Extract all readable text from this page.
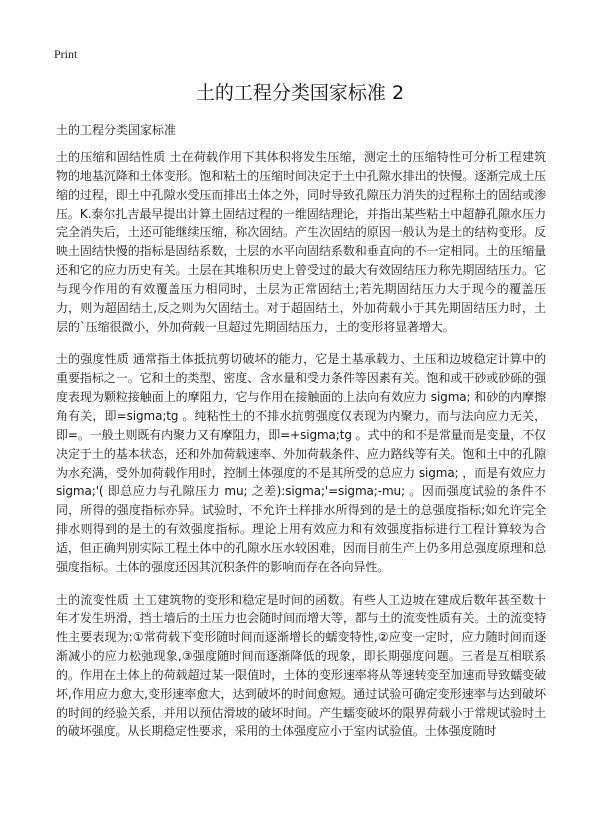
Print
土的工程分类国家标准 2

土的工程分类国家标准

土的压缩和固结性质 土在荷载作用下其体积将发生压缩，测定土的压缩特性可分析工程建筑物的地基沉降和土体变形。饱和粘土的压缩时间决定于土中孔隙水排出的快慢。逐渐完成土压缩的过程，即土中孔隙水受压而排出土体之外，同时导致孔隙压力消失的过程称土的固结或渗压。K.泰尔扎吉最早提出计算土固结过程的一维固结理论，并指出某些粘土中超静孔隙水压力完全消失后，土还可能继续压缩，称次固结。产生次固结的原因一般认为是土的结构变形。反映土固结快慢的指标是固结系数，土层的水平向固结系数和垂直向的不一定相同。土的压缩量还和它的应力历史有关。土层在其堆积历史上曾受过的最大有效固结压力称先期固结压力。它与现今作用的有效覆盖压力相同时，土层为正常固结土;若先期固结压力大于现今的覆盖压力，则为超固结土,反之则为欠固结土。对于超固结土，外加荷载小于其先期固结压力时，土层的`压缩很微小，外加荷载一旦超过先期固结压力，土的变形将显著增大。

土的强度性质 通常指土体抵抗剪切破坏的能力，它是土基承载力、土压和边坡稳定计算中的重要指标之一。它和土的类型、密度、含水量和受力条件等因素有关。饱和或干砂或砂砾的强度表现为颗粒接触面上的摩阻力，它与作用在接触面的上法向有效应力 sigma; 和砂的内摩擦角有关，即=sigma;tg 。纯粘性土的不排水抗剪强度仅表现为内聚力，而与法向应力无关，即=。一般土则既有内聚力又有摩阻力，即=+sigma;tg 。式中的和不是常量而是变量，不仅决定于土的基本状态，还和外加荷载速率、外加荷载条件、应力路线等有关。饱和土中的孔隙为水充满，受外加荷载作用时，控制土体强度的不是其所受的总应力 sigma; ，而是有效应力 sigma;'( 即总应力与孔隙压力 mu; 之差):sigma;'=sigma;-mu; 。因而强度试验的条件不同，所得的强度指标亦异。试验时，不允许土样排水所得到的是土的总强度指标;如允许完全排水则得到的是土的有效强度指标。理论上用有效应力和有效强度指标进行工程计算较为合适，但正确判别实际工程土体中的孔隙水压水较困难，因而目前生产上仍多用总强度原理和总强度指标。土体的强度还因其沉积条件的影响而存在各向异性。

土的流变性质 土工建筑物的变形和稳定是时间的函数。有些人工边坡在建成后数年甚至数十年才发生坍滑，挡土墙后的土压力也会随时间而增大等，都与土的流变性质有关。土的流变特性主要表现为:①常荷载下变形随时间而逐渐增长的蠕变特性,②应变一定时，应力随时间而逐渐减小的应力松弛现象,③强度随时间而逐渐降低的现象，即长期强度问题。三者是互相联系的。作用在土体上的荷载超过某一限值时，土体的变形速率将从等速转变至加速而导致蠕变破坏,作用应力愈大,变形速率愈大，达到破坏的时间愈短。通过试验可确定变形速率与达到破坏的时间的经验关系，并用以预估滑坡的破坏时间。产生蠕变破坏的限界荷载小于常规试验时土的破坏强度。从长期稳定性要求，采用的土体强度应小于室内试验值。土体强度随时
